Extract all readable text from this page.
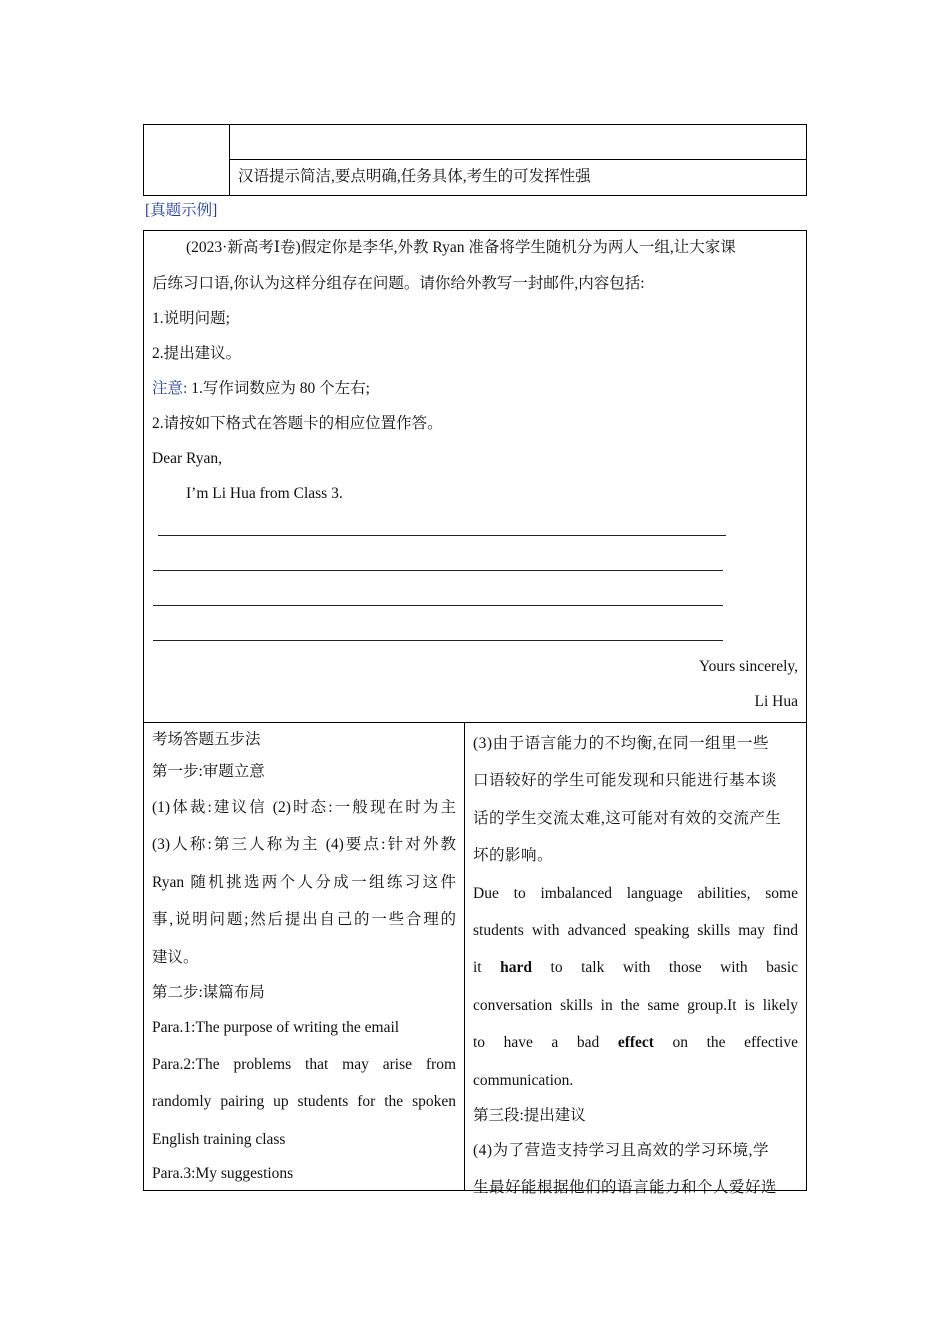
汉语提示简洁,要点明确,任务具体,考生的可发挥性强
[真题示例]
(2023·新高考Ⅰ卷)假定你是李华,外教 Ryan 准备将学生随机分为两人一组,让大家课
后练习口语,你认为这样分组存在问题。请你给外教写一封邮件,内容包括:
1.说明问题;
2.提出建议。
注意: 1.写作词数应为 80 个左右;
2.请按如下格式在答题卡的相应位置作答。
Dear Ryan,
I’m Li Hua from Class 3.
Yours sincerely,
Li Hua

考场答题五步法

第一步:审题立意

(1)体裁:建议信 (2)时态:一般现在时为主

(3)人称:第三人称为主 (4)要点:针对外教

Ryan 随机挑选两个人分成一组练习这件

事,说明问题;然后提出自己的一些合理的

建议。

第二步:谋篇布局

Para.1:The purpose of writing the email

Para.2:The problems that may arise from

randomly pairing up students for the spoken

English training class

Para.3:My suggestions

(3)由于语言能力的不均衡,在同一组里一些

口语较好的学生可能发现和只能进行基本谈

话的学生交流太难,这可能对有效的交流产生

坏的影响。

Due to imbalanced language abilities, some

students with advanced speaking skills may find

it hard to talk with those with basic

conversation skills in the same group.It is likely

to have a bad effect on the effective

communication.

第三段:提出建议

(4)为了营造支持学习且高效的学习环境,学

生最好能根据他们的语言能力和个人爱好选
